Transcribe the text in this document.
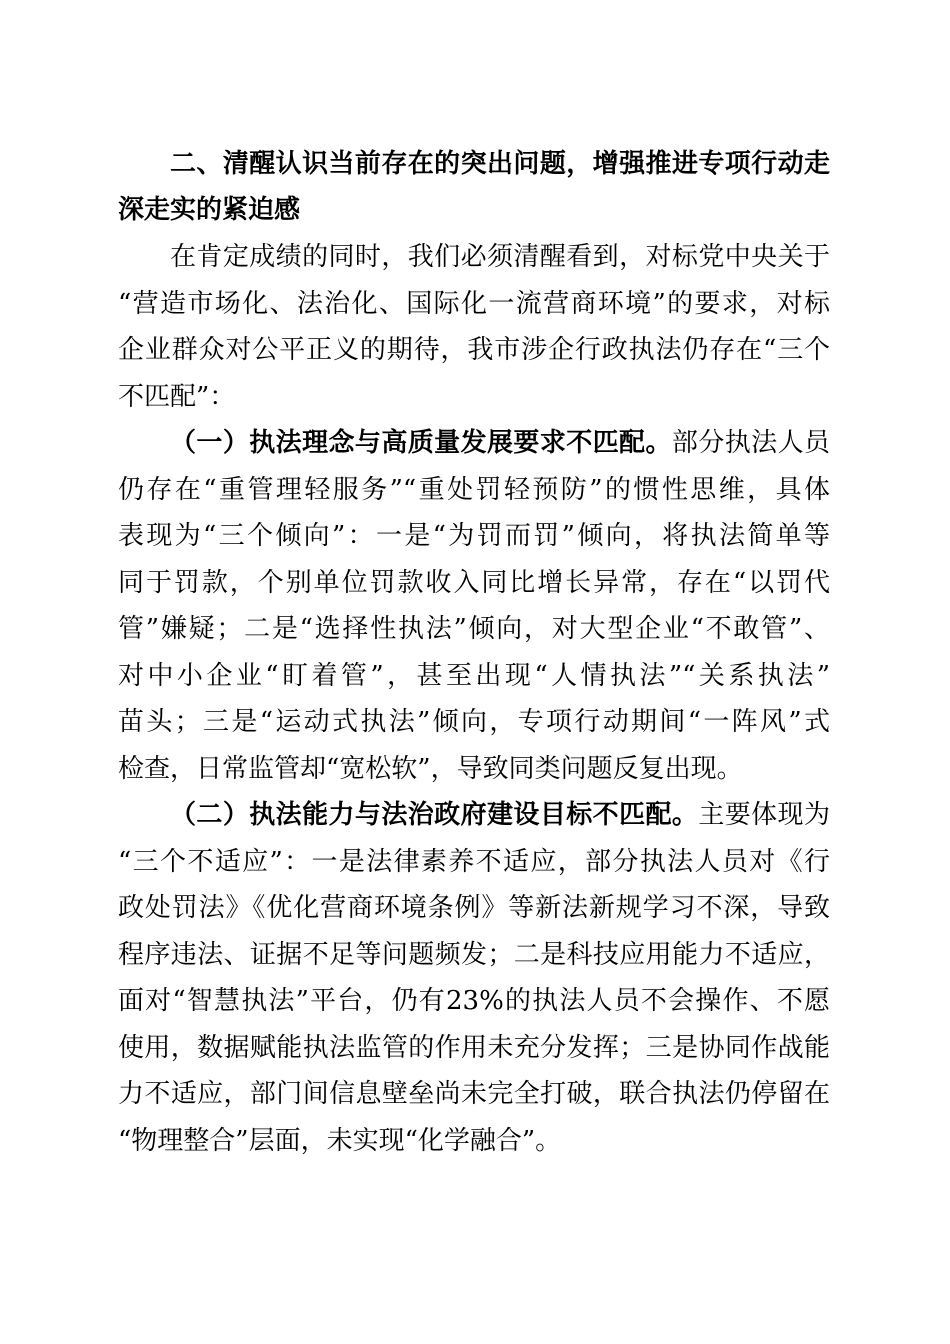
二、清醒认识当前存在的突出问题，增强推进专项行动走
深走实的紧迫感
在肯定成绩的同时，我们必须清醒看到，对标党中央关于
“营造市场化、法治化、国际化一流营商环境”的要求，对标
企业群众对公平正义的期待，我市涉企行政执法仍存在“三个
不匹配”：
（一）执法理念与高质量发展要求不匹配。部分执法人员
仍存在“重管理轻服务”“重处罚轻预防”的惯性思维，具体
表现为“三个倾向”：一是“为罚而罚”倾向，将执法简单等
同于罚款，个别单位罚款收入同比增长异常，存在“以罚代
管”嫌疑；二是“选择性执法”倾向，对大型企业“不敢管”、
对中小企业“盯着管”，甚至出现“人情执法”“关系执法”
苗头；三是“运动式执法”倾向，专项行动期间“一阵风”式
检查，日常监管却“宽松软”，导致同类问题反复出现。
（二）执法能力与法治政府建设目标不匹配。主要体现为
“三个不适应”：一是法律素养不适应，部分执法人员对《行
政处罚法》《优化营商环境条例》等新法新规学习不深，导致
程序违法、证据不足等问题频发；二是科技应用能力不适应，
面对“智慧执法”平台，仍有23%的执法人员不会操作、不愿
使用，数据赋能执法监管的作用未充分发挥；三是协同作战能
力不适应，部门间信息壁垒尚未完全打破，联合执法仍停留在
“物理整合”层面，未实现“化学融合”。
